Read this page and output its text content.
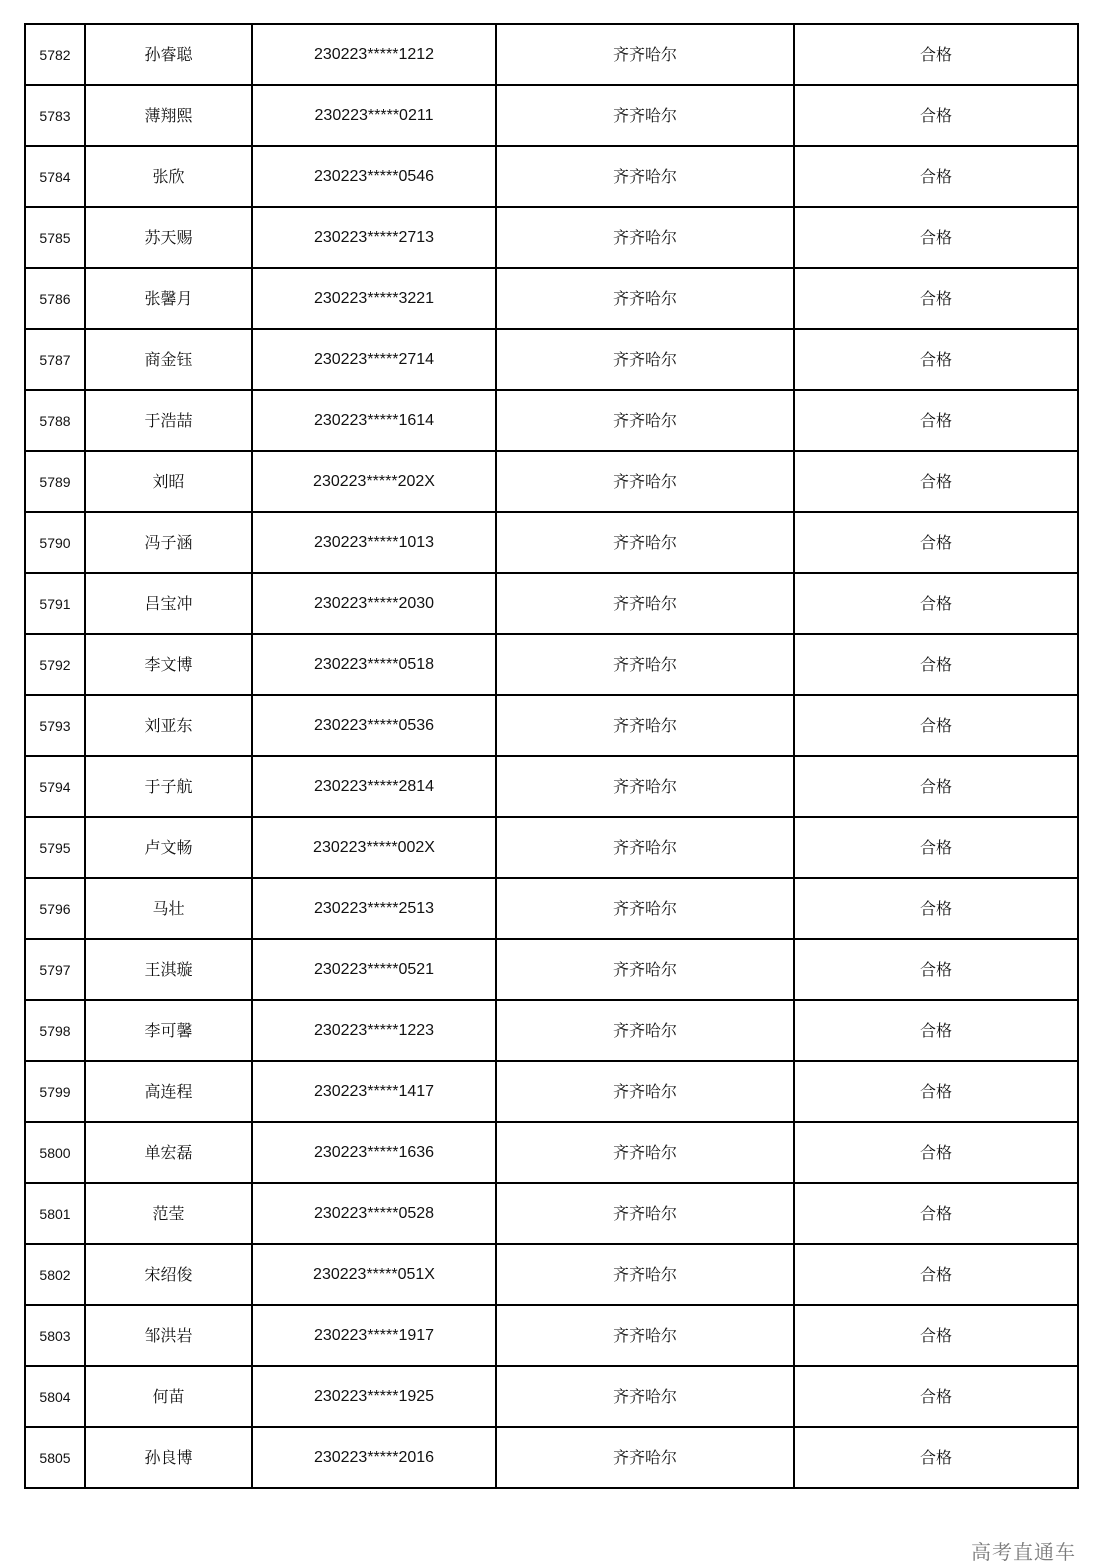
5782	孙睿聪	230223*****1212	齐齐哈尔	合格
5783	薄翔熙	230223*****0211	齐齐哈尔	合格
5784	张欣	230223*****0546	齐齐哈尔	合格
5785	苏天赐	230223*****2713	齐齐哈尔	合格
5786	张馨月	230223*****3221	齐齐哈尔	合格
5787	商金钰	230223*****2714	齐齐哈尔	合格
5788	于浩喆	230223*****1614	齐齐哈尔	合格
5789	刘昭	230223*****202X	齐齐哈尔	合格
5790	冯子涵	230223*****1013	齐齐哈尔	合格
5791	吕宝冲	230223*****2030	齐齐哈尔	合格
5792	李文博	230223*****0518	齐齐哈尔	合格
5793	刘亚东	230223*****0536	齐齐哈尔	合格
5794	于子航	230223*****2814	齐齐哈尔	合格
5795	卢文畅	230223*****002X	齐齐哈尔	合格
5796	马壮	230223*****2513	齐齐哈尔	合格
5797	王淇璇	230223*****0521	齐齐哈尔	合格
5798	李可馨	230223*****1223	齐齐哈尔	合格
5799	高连程	230223*****1417	齐齐哈尔	合格
5800	单宏磊	230223*****1636	齐齐哈尔	合格
5801	范莹	230223*****0528	齐齐哈尔	合格
5802	宋绍俊	230223*****051X	齐齐哈尔	合格
5803	邹洪岩	230223*****1917	齐齐哈尔	合格
5804	何苗	230223*****1925	齐齐哈尔	合格
5805	孙良博	230223*****2016	齐齐哈尔	合格
高考直通车
